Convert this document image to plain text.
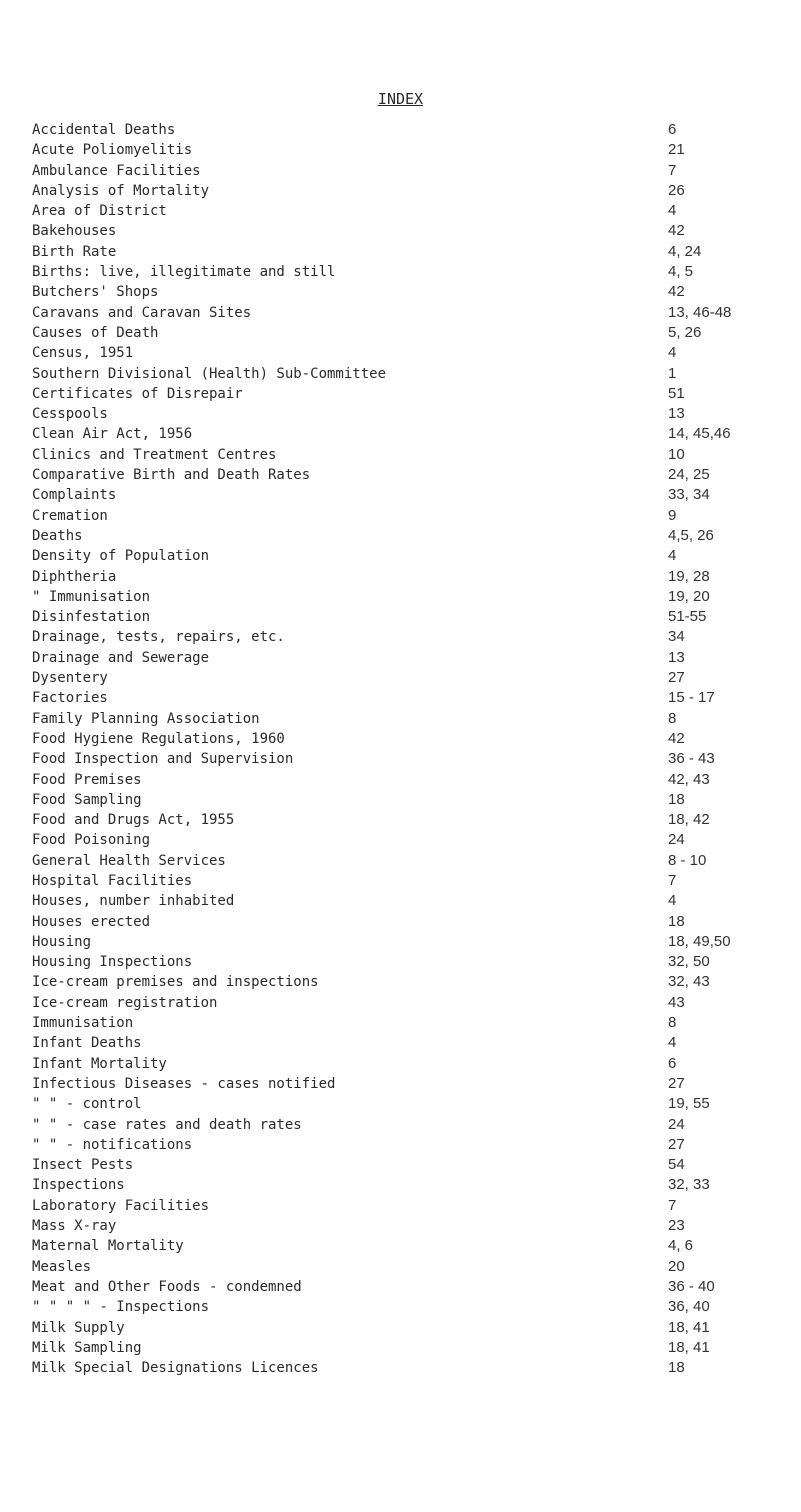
INDEX
Accidental Deaths	6
Acute Poliomyelitis	21
Ambulance Facilities	7
Analysis of Mortality	26
Area of District	4
Bakehouses	42
Birth Rate	4, 24
Births: live, illegitimate and still	4, 5
Butchers' Shops	42
Caravans and Caravan Sites	13, 46-48
Causes of Death	5, 26
Census, 1951	4
Southern Divisional (Health) Sub-Committee	1
Certificates of Disrepair	51
Cesspools	13
Clean Air Act, 1956	14, 45,46
Clinics and Treatment Centres	10
Comparative Birth and Death Rates	24, 25
Complaints	33, 34
Cremation	9
Deaths	4,5, 26
Density of Population	4
Diphtheria	19, 28
" Immunisation	19, 20
Disinfestation	51-55
Drainage, tests, repairs, etc.	34
Drainage and Sewerage	13
Dysentery	27
Factories	15 - 17
Family Planning Association	8
Food Hygiene Regulations, 1960	42
Food Inspection and Supervision	36 - 43
Food Premises	42, 43
Food Sampling	18
Food and Drugs Act, 1955	18, 42
Food Poisoning	24
General Health Services	8 - 10
Hospital Facilities	7
Houses, number inhabited	4
Houses erected	18
Housing	18, 49,50
Housing Inspections	32, 50
Ice-cream premises and inspections	32, 43
Ice-cream registration	43
Immunisation	8
Infant Deaths	4
Infant Mortality	6
Infectious Diseases - cases notified	27
" " - control	19, 55
" " - case rates and death rates	24
" " - notifications	27
Insect Pests	54
Inspections	32, 33
Laboratory Facilities	7
Mass X-ray	23
Maternal Mortality	4, 6
Measles	20
Meat and Other Foods - condemned	36 - 40
" " " " - Inspections	36, 40
Milk Supply	18, 41
Milk Sampling	18, 41
Milk Special Designations Licences	18
